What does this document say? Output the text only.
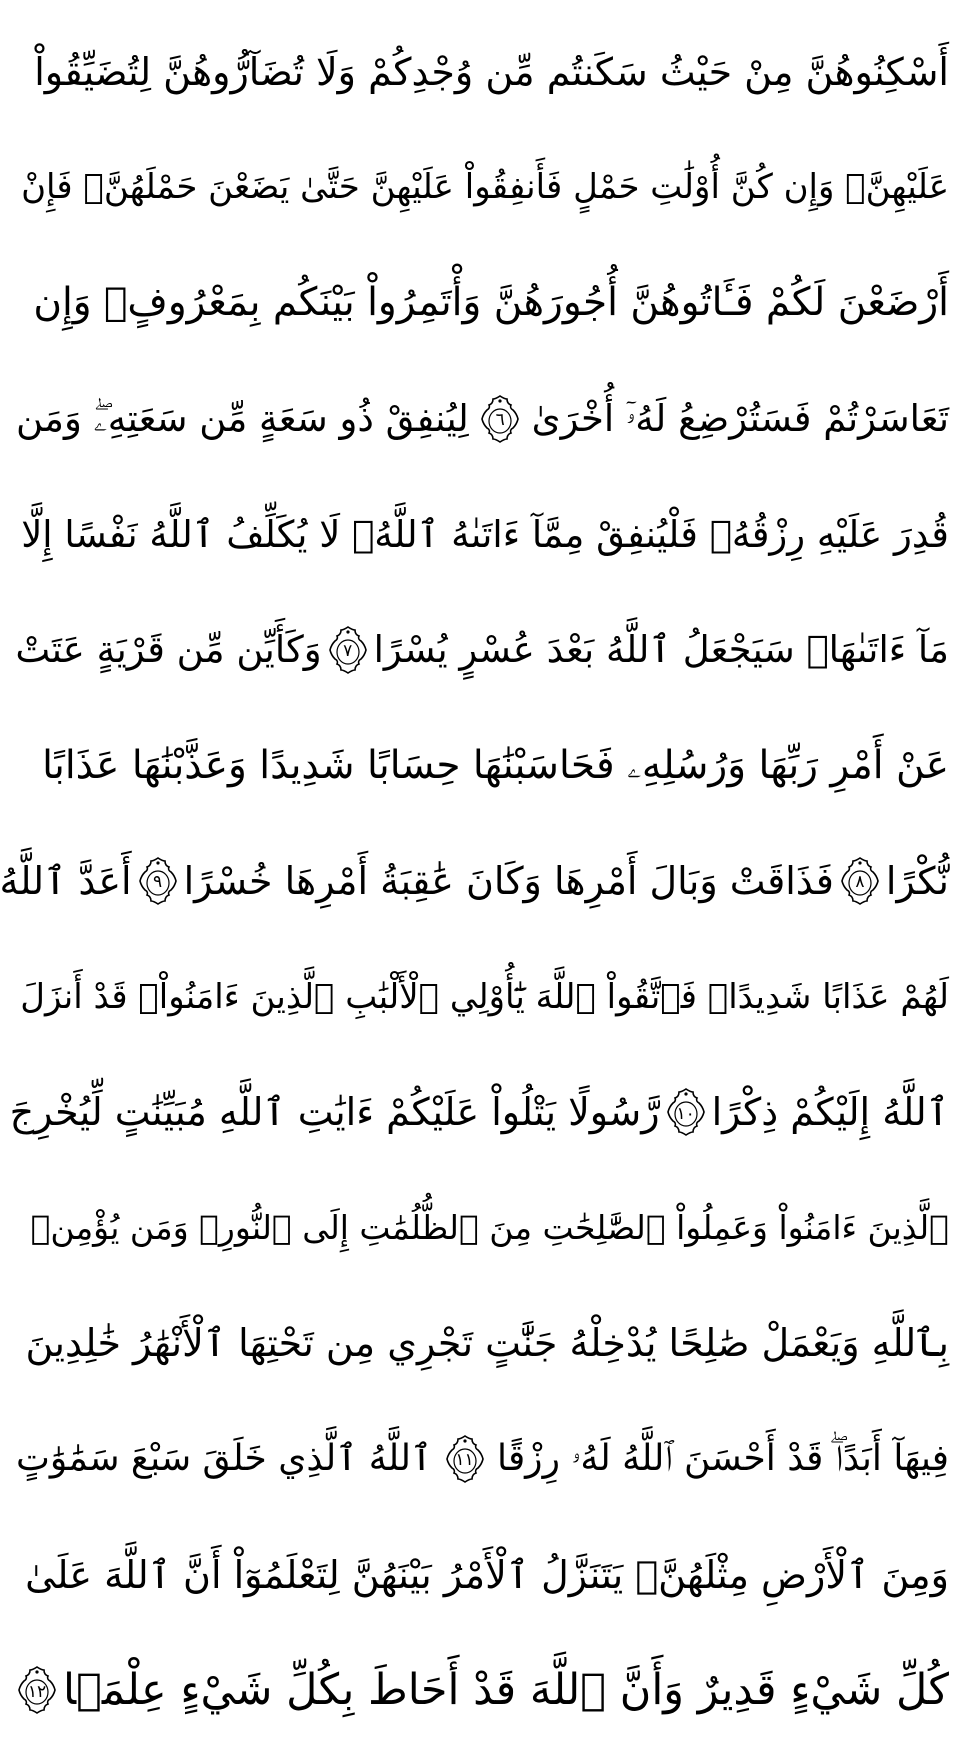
أَسْكِنُوهُنَّ مِنْ حَيْثُ سَكَنتُم مِّن وُجْدِكُمْ وَلَا تُضَآرُّوهُنَّ لِتُضَيِّقُواْ
عَلَيْهِنَّۚ وَإِن كُنَّ أُوْلَٰتِ حَمْلٍ فَأَنفِقُواْ عَلَيْهِنَّ حَتَّىٰ يَضَعْنَ حَمْلَهُنَّۚ فَإِنْ
أَرْضَعْنَ لَكُمْ فَـَٔاتُوهُنَّ أُجُورَهُنَّ وَأْتَمِرُواْ بَيْنَكُم بِمَعْرُوفٍۖ وَإِن
تَعَاسَرْتُمْ فَسَتُرْضِعُ لَهُۥٓ أُخْرَىٰ
٦
لِيُنفِقْ ذُو سَعَةٍ مِّن سَعَتِهِۦۖ وَمَن
قُدِرَ عَلَيْهِ رِزْقُهُۥ فَلْيُنفِقْ مِمَّآ ءَاتَىٰهُ ٱللَّهُۚ لَا يُكَلِّفُ ٱللَّهُ نَفْسًا إِلَّا
مَآ ءَاتَىٰهَاۚ سَيَجْعَلُ ٱللَّهُ بَعْدَ عُسْرٍ يُسْرًا
٧
وَكَأَيِّن مِّن قَرْيَةٍ عَتَتْ
عَنْ أَمْرِ رَبِّهَا وَرُسُلِهِۦ فَحَاسَبْنَٰهَا حِسَابًا شَدِيدًا وَعَذَّبْنَٰهَا عَذَابًا
نُّكْرًا
٨
فَذَاقَتْ وَبَالَ أَمْرِهَا وَكَانَ عَٰقِبَةُ أَمْرِهَا خُسْرًا
٩
أَعَدَّ ٱللَّهُ
لَهُمْ عَذَابًا شَدِيدًاۖ فَٱتَّقُواْ ٱللَّهَ يَٰٓأُوْلِي ٱلْأَلْبَٰبِ ٱلَّذِينَ ءَامَنُواْۚ قَدْ أَنزَلَ
ٱللَّهُ إِلَيْكُمْ ذِكْرًا
١٠
رَّسُولًا يَتْلُواْ عَلَيْكُمْ ءَايَٰتِ ٱللَّهِ مُبَيِّنَٰتٍ لِّيُخْرِجَ
ٱلَّذِينَ ءَامَنُواْ وَعَمِلُواْ ٱلصَّٰلِحَٰتِ مِنَ ٱلظُّلُمَٰتِ إِلَى ٱلنُّورِۚ وَمَن يُؤْمِنۢ
بِٱللَّهِ وَيَعْمَلْ صَٰلِحًا يُدْخِلْهُ جَنَّٰتٍ تَجْرِي مِن تَحْتِهَا ٱلْأَنْهَٰرُ خَٰلِدِينَ
فِيهَآ أَبَدًاۖ قَدْ أَحْسَنَ ٱللَّهُ لَهُۥ رِزْقًا
١١
ٱللَّهُ ٱلَّذِي خَلَقَ سَبْعَ سَمَٰوَٰتٍ
وَمِنَ ٱلْأَرْضِ مِثْلَهُنَّۖ يَتَنَزَّلُ ٱلْأَمْرُ بَيْنَهُنَّ لِتَعْلَمُوٓاْ أَنَّ ٱللَّهَ عَلَىٰ
كُلِّ شَيْءٍ قَدِيرٌ وَأَنَّ ٱللَّهَ قَدْ أَحَاطَ بِكُلِّ شَيْءٍ عِلْمَۢا
١٢
